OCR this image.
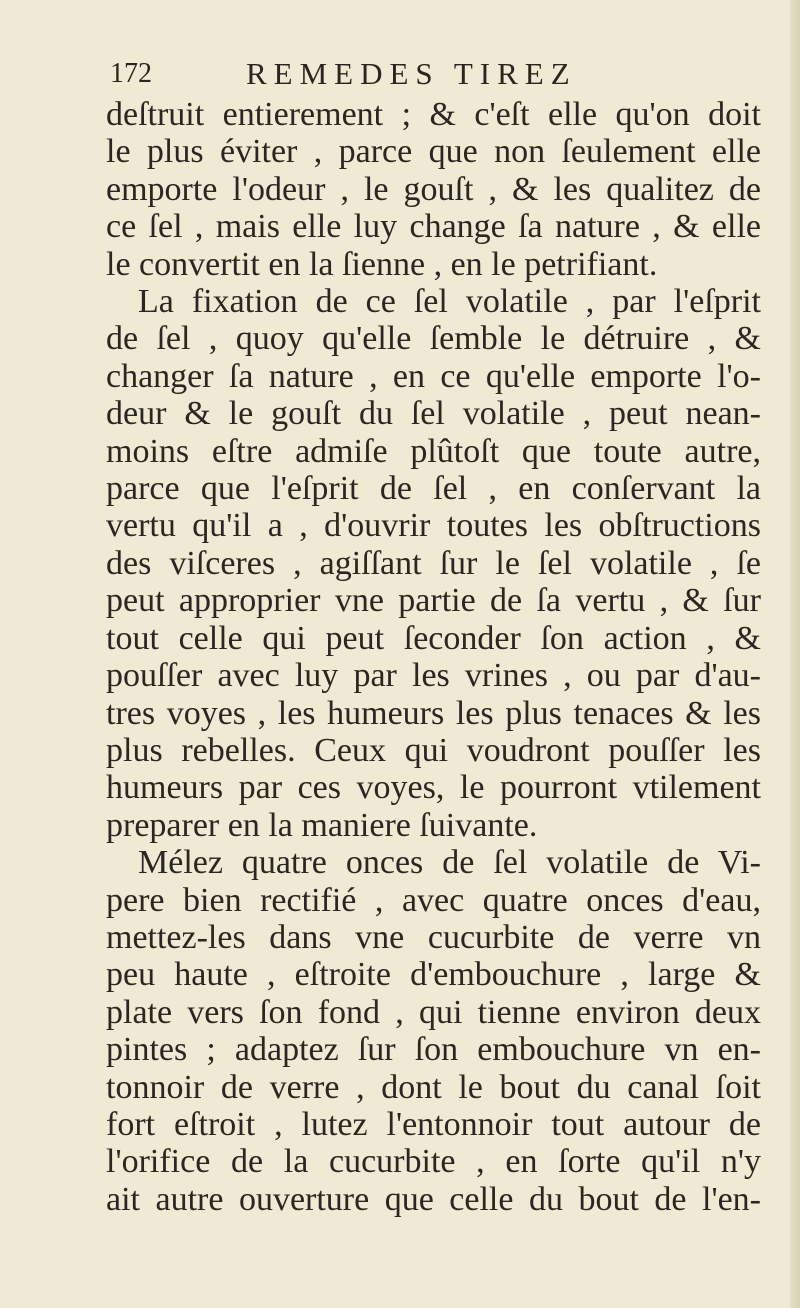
172	REMEDES TIREZ
deſtruit entierement ; & c'eſt elle qu'on doit
le plus éviter , parce que non ſeulement elle
emporte l'odeur , le gouſt , & les qualitez de
ce ſel , mais elle luy change ſa nature , & elle
le convertit en la ſienne , en le petrifiant.
La fixation de ce ſel volatile , par l'eſprit
de ſel , quoy qu'elle ſemble le détruire , &
changer ſa nature , en ce qu'elle emporte l'o-
deur & le gouſt du ſel volatile , peut nean-
moins eſtre admiſe plûtoſt que toute autre,
parce que l'eſprit de ſel , en conſervant la
vertu qu'il a , d'ouvrir toutes les obſtructions
des viſceres , agiſſant ſur le ſel volatile , ſe
peut approprier vne partie de ſa vertu , & ſur
tout celle qui peut ſeconder ſon action , &
pouſſer avec luy par les vrines , ou par d'au-
tres voyes , les humeurs les plus tenaces & les
plus rebelles. Ceux qui voudront pouſſer les
humeurs par ces voyes, le pourront vtilement
preparer en la maniere ſuivante.
Mélez quatre onces de ſel volatile de Vi-
pere bien rectifié , avec quatre onces d'eau,
mettez-les dans vne cucurbite de verre vn
peu haute , eſtroite d'embouchure , large &
plate vers ſon fond , qui tienne environ deux
pintes ; adaptez ſur ſon embouchure vn en-
tonnoir de verre , dont le bout du canal ſoit
fort eſtroit , lutez l'entonnoir tout autour de
l'orifice de la cucurbite , en ſorte qu'il n'y
ait autre ouverture que celle du bout de l'en-
